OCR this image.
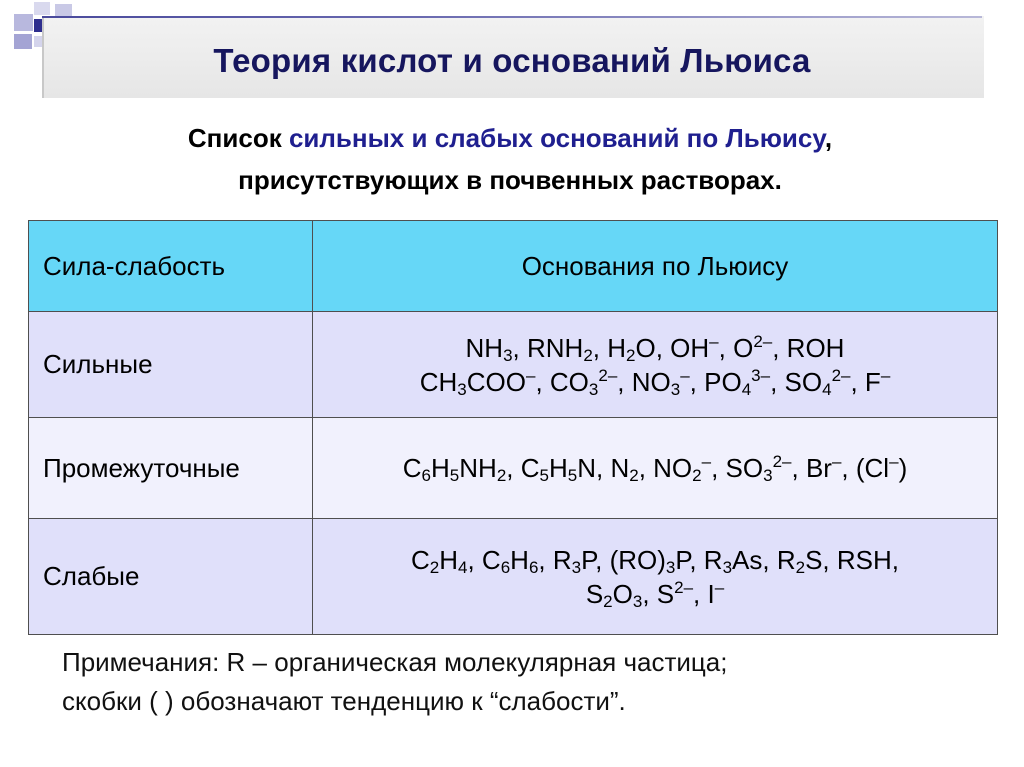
Теория кислот и оснований Льюиса
Список сильных и слабых оснований по Льюису,
присутствующих в почвенных растворах.
Сила-слабость	Основания по Льюису
Сильные	$NH_3$, $RNH_2$, $H_2O$, OH–, $O^{2-}$, ROH
$CH_3COO^-$, $CO_3^{2-}$, $NO_3^-$, $PO_4^{3-}$, $SO_4^{2-}$, F–

Промежуточные	$C_6H_5NH_2$, $C_5H_5N$, $N_2$, $NO_2^-$, $SO_3^{2-}$, Br–, (Cl–)

Слабые	$C_2H_4$, $C_6H_6$, $R_3P$, $(RO)_3P$, $R_3As$, $R_2S$, RSH,
$S_2O_3$, $S^{2-}$, I–
Примечания: R – органическая молекулярная частица;
скобки ( ) обозначают тенденцию к “слабости”.
